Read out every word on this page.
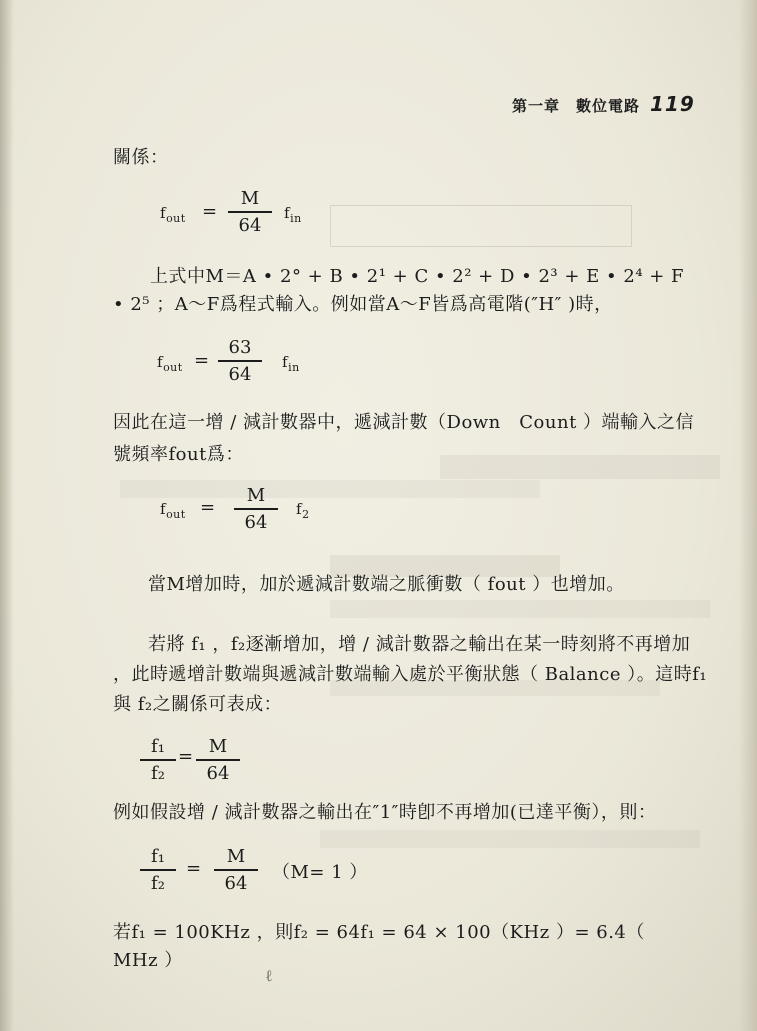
第一章　數位電路 119
關係：
$f_{out} = \frac{M}{64} f_{in}$
上式中M＝A • 2° + B • 2¹ + C • 2² + D • 2³ + E • 2⁴ + F
• 2⁵ ；A～F爲程式輸入。例如當A～F皆爲高電階(″H″ )時，
$f_{out} = \frac{63}{64} f_{in}$
因此在這一增 / 減計數器中，遞減計數（Down　Count ）端輸入之信
號頻率fout爲：
$f_{out} = \frac{M}{64} f_2$
當M增加時，加於遞減計數端之脈衝數（ fout ）也增加。
若將 f₁ ，f₂逐漸增加，增 / 減計數器之輸出在某一時刻將不再增加
，此時遞增計數端與遞減計數端輸入處於平衡狀態（ Balance ）。這時f₁
與 f₂之關係可表成：
$\frac{\text{f₁}}{\text{f₂}} = \frac{M}{64}$
例如假設增 / 減計數器之輸出在″1″時卽不再增加(已達平衡），則：
$\frac{\text{f₁}}{\text{f₂}} = \frac{M}{64} (M= 1$ ）
若f₁ = 100KHz ，則f₂ = 64f₁ = 64 × 100（KHz ）= 6.4（
MHz ）
ℓ
